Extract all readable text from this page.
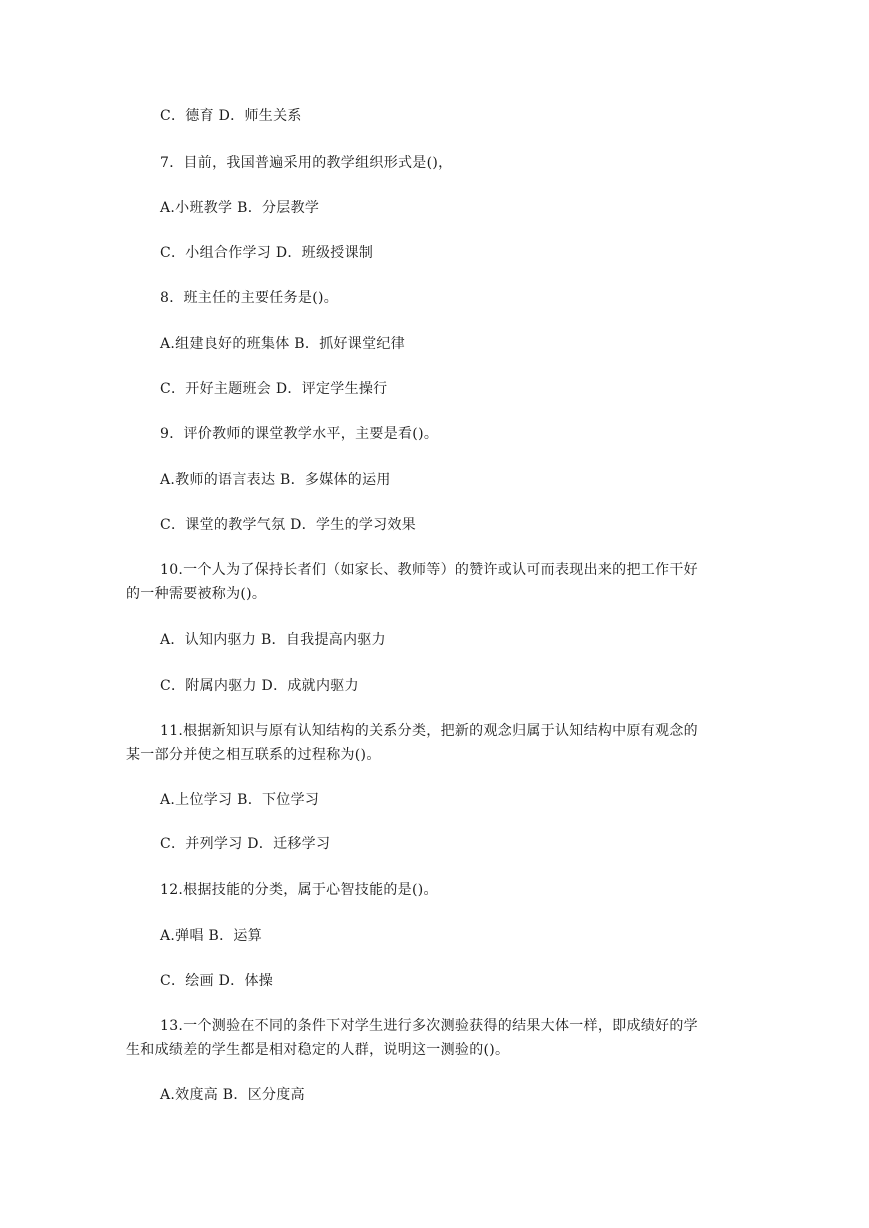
C．德育 D．师生关系
7．目前，我国普遍采用的教学组织形式是()，
A.小班教学 B．分层教学
C．小组合作学习 D．班级授课制
8．班主任的主要任务是()。
A.组建良好的班集体 B．抓好课堂纪律
C．开好主题班会 D．评定学生操行
9．评价教师的课堂教学水平，主要是看()。
A.教师的语言表达 B．多媒体的运用
C．课堂的教学气氛 D．学生的学习效果
10.一个人为了保持长者们（如家长、教师等）的赞许或认可而表现出来的把工作干好
的一种需要被称为()。
A．认知内驱力 B．自我提高内驱力
C．附属内驱力 D．成就内驱力
11.根据新知识与原有认知结构的关系分类，把新的观念归属于认知结构中原有观念的
某一部分并使之相互联系的过程称为()。
A.上位学习 B．下位学习
C．并列学习 D．迁移学习
12.根据技能的分类，属于心智技能的是()。
A.弹唱 B．运算
C．绘画 D．体操
13.一个测验在不同的条件下对学生进行多次测验获得的结果大体一样，即成绩好的学
生和成绩差的学生都是相对稳定的人群，说明这一测验的()。
A.效度高 B．区分度高
